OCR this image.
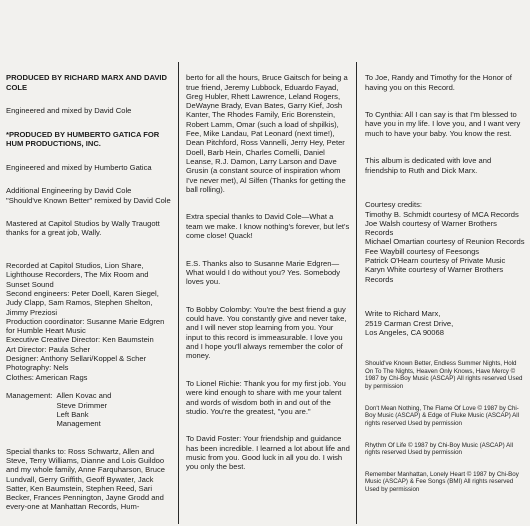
PRODUCED BY RICHARD MARX AND DAVID COLE

Engineered and mixed by David Cole

*PRODUCED BY HUMBERTO GATICA FOR HUM PRODUCTIONS, INC.

Engineered and mixed by Humberto Gatica

Additional Engineering by David Cole
"Should've Known Better" remixed by David Cole

Mastered at Capitol Studios by Wally Traugott
thanks for a great job, Wally.

Recorded at Capitol Studios, Lion Share, Lighthouse Recorders, The Mix Room and Sunset Sound
Second engineers: Peter Doell, Karen Siegel, Judy Clapp, Sam Ramos, Stephen Shelton, Jimmy Preziosi
Production coordinator: Susanne Marie Edgren for Humble Heart Music
Executive Creative Director: Ken Baumstein
Art Director: Paula Scher
Designer: Anthony Sellari/Koppel & Scher
Photography: Nels
Clothes: American Rags

Management: Allen Kovac and
Steve Drimmer
Left Bank
Management

Special thanks to: Ross Schwartz, Allen and Steve, Terry Williams, Dianne and Lois Guildoo and my whole family, Anne Farquharson, Bruce Lundvall, Gerry Griffith, Geoff Bywater, Jack Satter, Ken Baumstein, Stephen Reed, Sari Becker, Frances Pennington, Jayne Grodd and every-one at Manhattan Records, Hum-

berto for all the hours, Bruce Gaitsch for being a true friend, Jeremy Lubbock, Eduardo Fayad, Greg Hubler, Rhett Lawrence, Leland Rogers, DeWayne Brady, Evan Bates, Garry Kief, Josh Kanter, The Rhodes Family, Eric Borenstein, Robert Lamm, Omar (such a load of shpilkis), Fee, Mike Landau, Pat Leonard (next time!), Dean Pitchford, Ross Vannelli, Jerry Hey, Peter Doell, Barb Hein, Charles Comelli, Daniel Leanse, R.J. Damon, Larry Larson and Dave Grusin (a constant source of inspiration whom I've never met), Al Silfen (Thanks for getting the ball rolling).

Extra special thanks to David Cole—What a team we make. I know nothing's forever, but let's come close! Quack!

E.S. Thanks also to Susanne Marie Edgren—What would I do without you? Yes. Somebody loves you.

To Bobby Colomby: You're the best friend a guy could have. You constantly give and never take, and I will never stop learning from you. Your input to this record is immeasurable. I love you and I hope you'll always remember the color of money.

To Lionel Richie: Thank you for my first job. You were kind enough to share with me your talent and words of wisdom both in and out of the studio. You're the greatest, "you are."

To David Foster: Your friendship and guidance has been incredible. I learned a lot about life and music from you. Good luck in all you do. I wish you only the best.

To Joe, Randy and Timothy for the Honor of having you on this Record.

To Cynthia: All I can say is that I'm blessed to have you in my life. I love you, and I want very much to have your baby. You know the rest.

This album is dedicated with love and friendship to Ruth and Dick Marx.

Courtesy credits:
Timothy B. Schmidt courtesy of MCA Records
Joe Walsh courtesy of Warner Brothers Records
Michael Omartian courtesy of Reunion Records
Fee Waybill courtesy of Feesongs
Patrick O'Hearn courtesy of Private Music
Karyn White courtesy of Warner Brothers Records

Write to Richard Marx,
2519 Carman Crest Drive,
Los Angeles, CA 90068

Should've Known Better, Endless Summer Nights, Hold On To The Nights, Heaven Only Knows, Have Mercy © 1987 by Chi-Boy Music (ASCAP) All rights reserved Used by permission

Don't Mean Nothing, The Flame Of Love © 1987 by Chi-Boy Music (ASCAP) & Edge of Fluke Music (ASCAP) All rights reserved Used by permission

Rhythm Of Life © 1987 by Chi-Boy Music (ASCAP) All rights reserved Used by permission

Remember Manhattan, Lonely Heart © 1987 by Chi-Boy Music (ASCAP) & Fee Songs (BMI) All rights reserved Used by permission
